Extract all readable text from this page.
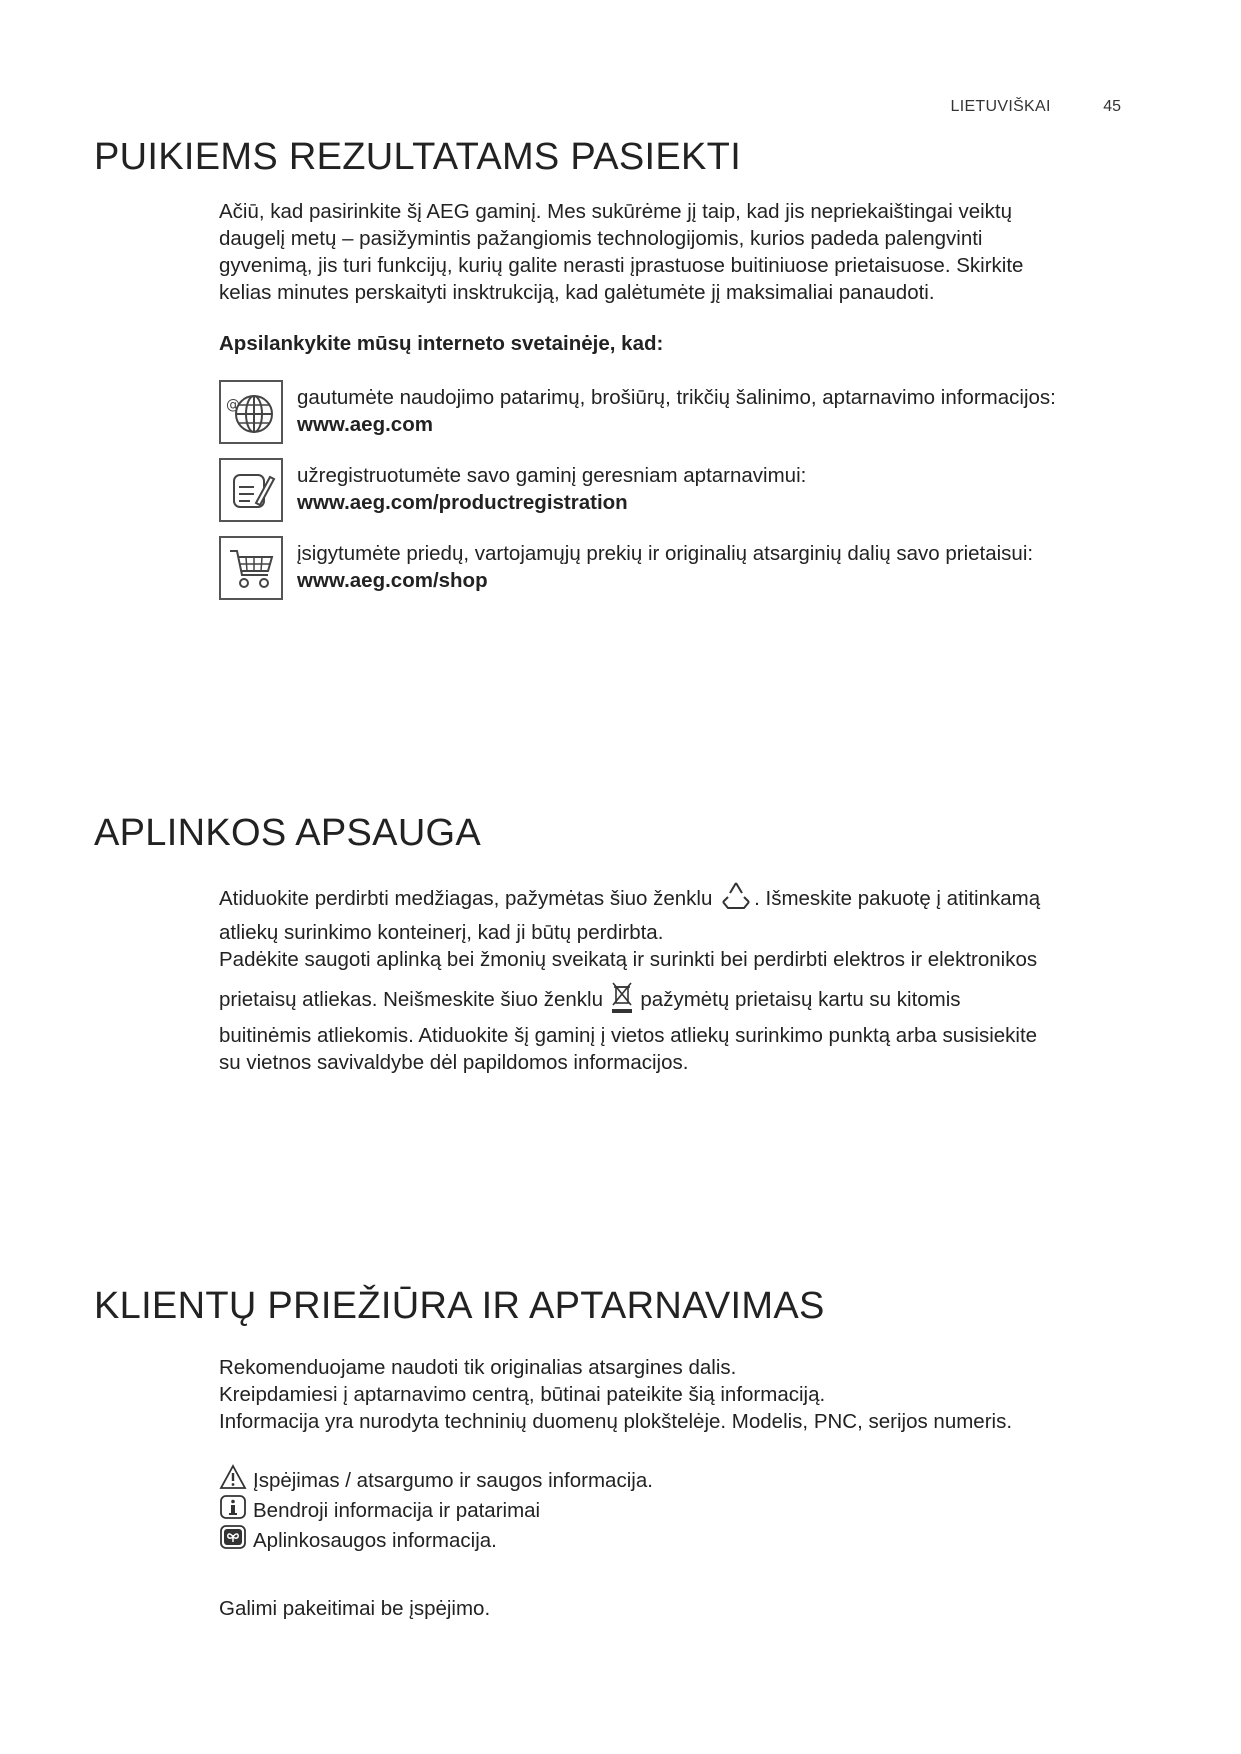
LIETUVIŠKAI	45
PUIKIEMS REZULTATAMS PASIEKTI

Ačiū, kad pasirinkite šį AEG gaminį. Mes sukūrėme jį taip, kad jis nepriekaištingai veiktų

daugelį metų – pasižymintis pažangiomis technologijomis, kurios padeda palengvinti

gyvenimą, jis turi funkcijų, kurių galite nerasti įprastuose buitiniuose prietaisuose. Skirkite

kelias minutes perskaityti insktrukciją, kad galėtumėte jį maksimaliai panaudoti.

Apsilankykite mūsų interneto svetainėje, kad:
@	gautumėte naudojimo patarimų, brošiūrų, trikčių šalinimo, aptarnavimo informacijos:
www.aeg.com
užregistruotumėte savo gaminį geresniam aptarnavimui:
www.aeg.com/productregistration
įsigytumėte priedų, vartojamųjų prekių ir originalių atsarginių dalių savo prietaisui:
www.aeg.com/shop
APLINKOS APSAUGA

Atiduokite perdirbti medžiagas, pažymėtas šiuo ženklu . Išmeskite pakuotę į atitinkamą

atliekų surinkimo konteinerį, kad ji būtų perdirbta.

Padėkite saugoti aplinką bei žmonių sveikatą ir surinkti bei perdirbti elektros ir elektronikos

prietaisų atliekas. Neišmeskite šiuo ženklu pažymėtų prietaisų kartu su kitomis

buitinėmis atliekomis. Atiduokite šį gaminį į vietos atliekų surinkimo punktą arba susisiekite

su vietnos savivaldybe dėl papildomos informacijos.

KLIENTŲ PRIEŽIŪRA IR APTARNAVIMAS

Rekomenduojame naudoti tik originalias atsargines dalis.

Kreipdamiesi į aptarnavimo centrą, būtinai pateikite šią informaciją.

Informacija yra nurodyta techninių duomenų plokštelėje. Modelis, PNC, serijos numeris.

Įspėjimas / atsargumo ir saugos informacija.
Bendroji informacija ir patarimai
Aplinkosaugos informacija.
Galimi pakeitimai be įspėjimo.
